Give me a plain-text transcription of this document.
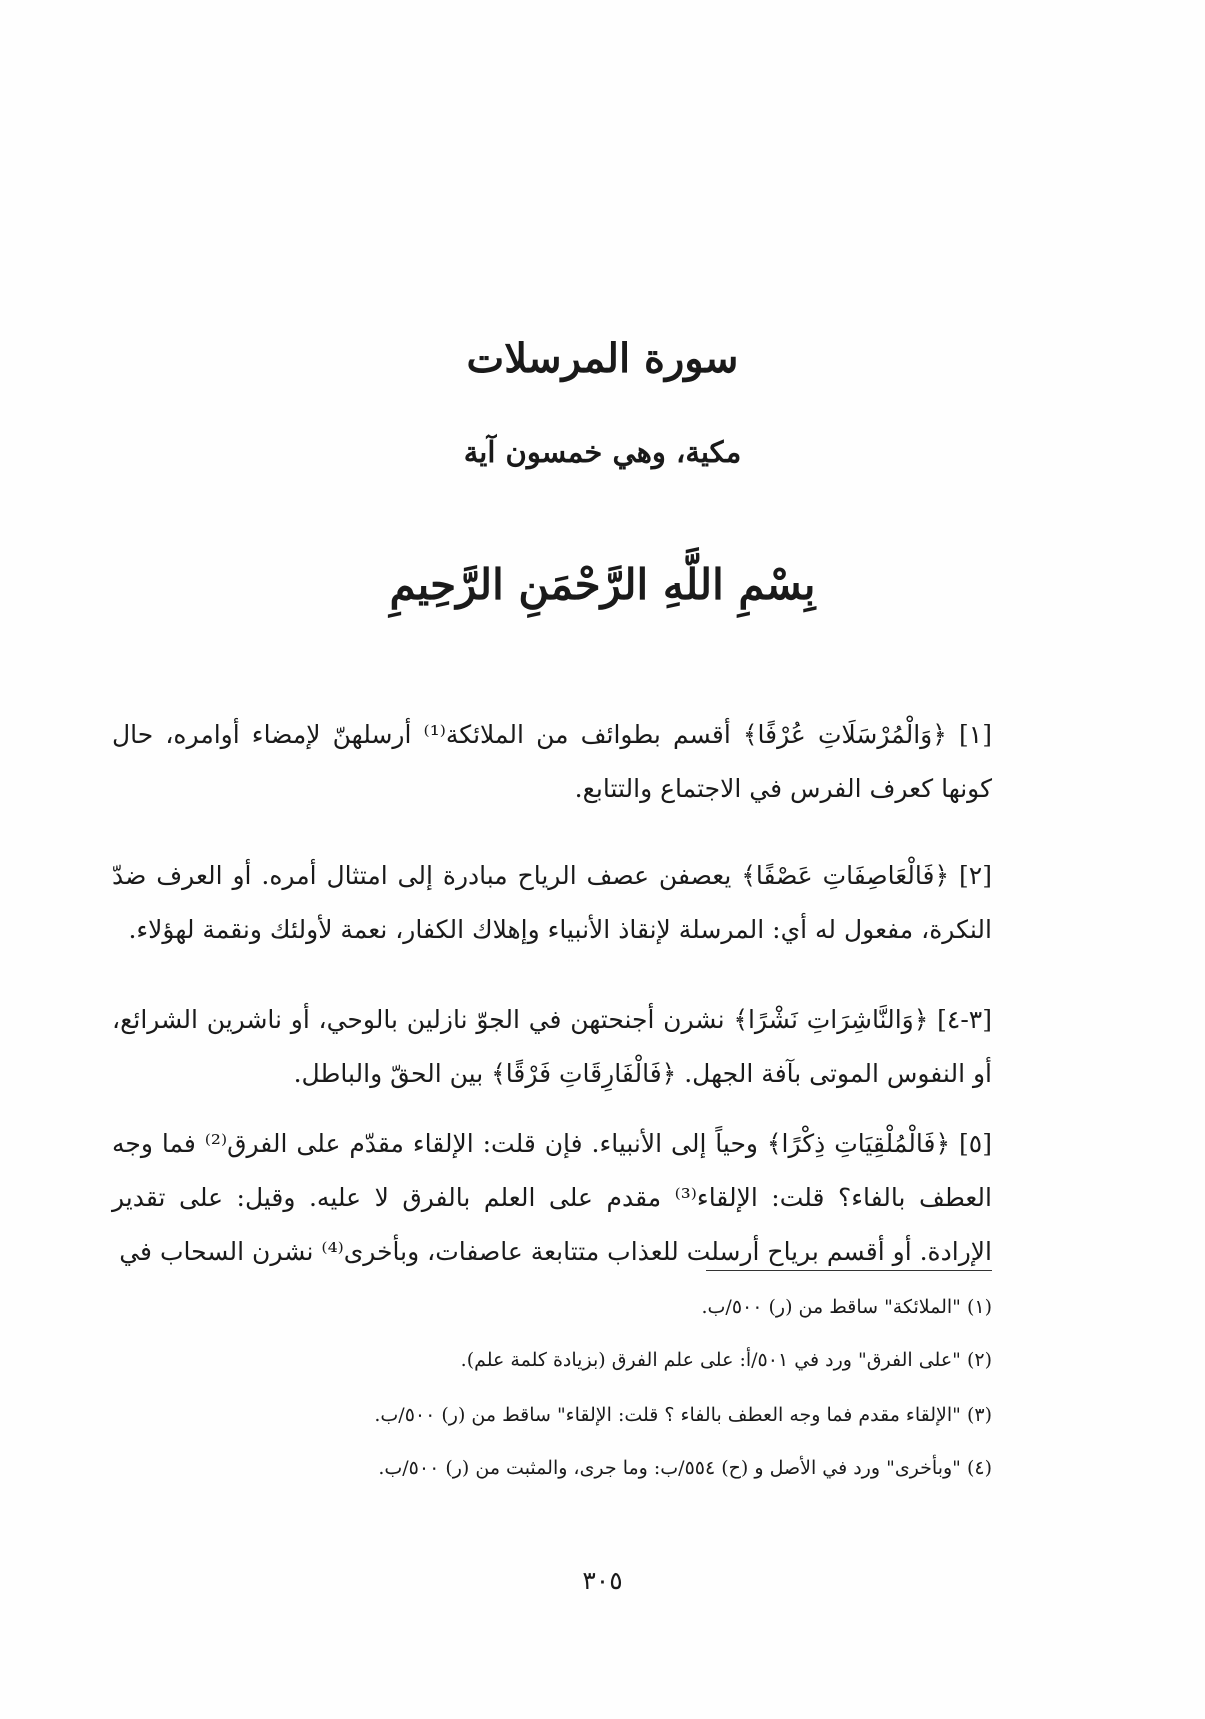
سورة المرسلات
مكية، وهي خمسون آية
بِسْمِ اللَّهِ الرَّحْمَنِ الرَّحِيمِ

[١] ﴿وَالْمُرْسَلَاتِ عُرْفًا﴾ أقسم بطوائف من الملائكة⁽¹⁾ أرسلهنّ لإمضاء أوامره، حال كونها كعرف الفرس في الاجتماع والتتابع.

[٢] ﴿فَالْعَاصِفَاتِ عَصْفًا﴾ يعصفن عصف الرياح مبادرة إلى امتثال أمره. أو العرف ضدّ النكرة، مفعول له أي: المرسلة لإنقاذ الأنبياء وإهلاك الكفار، نعمة لأولئك ونقمة لهؤلاء.

[٣-٤] ﴿وَالنَّاشِرَاتِ نَشْرًا﴾ نشرن أجنحتهن في الجوّ نازلين بالوحي، أو ناشرين الشرائع، أو النفوس الموتى بآفة الجهل. ﴿فَالْفَارِقَاتِ فَرْقًا﴾ بين الحقّ والباطل.

[٥] ﴿فَالْمُلْقِيَاتِ ذِكْرًا﴾ وحياً إلى الأنبياء. فإن قلت: الإلقاء مقدّم على الفرق⁽²⁾ فما وجه العطف بالفاء؟ قلت: الإلقاء⁽³⁾ مقدم على العلم بالفرق لا عليه. وقيل: على تقدير الإرادة. أو أقسم برياح أرسلت للعذاب متتابعة عاصفات، وبأخرى⁽⁴⁾ نشرن السحاب في

(١) "الملائكة" ساقط من (ر) ٥٠٠/ب.
(٢) "على الفرق" ورد في ٥٠١/أ: على علم الفرق (بزيادة كلمة علم).
(٣) "الإلقاء مقدم فما وجه العطف بالفاء ؟ قلت: الإلقاء" ساقط من (ر) ٥٠٠/ب.
(٤) "وبأخرى" ورد في الأصل و (ح) ٥٥٤/ب: وما جرى، والمثبت من (ر) ٥٠٠/ب.
٣٠٥
